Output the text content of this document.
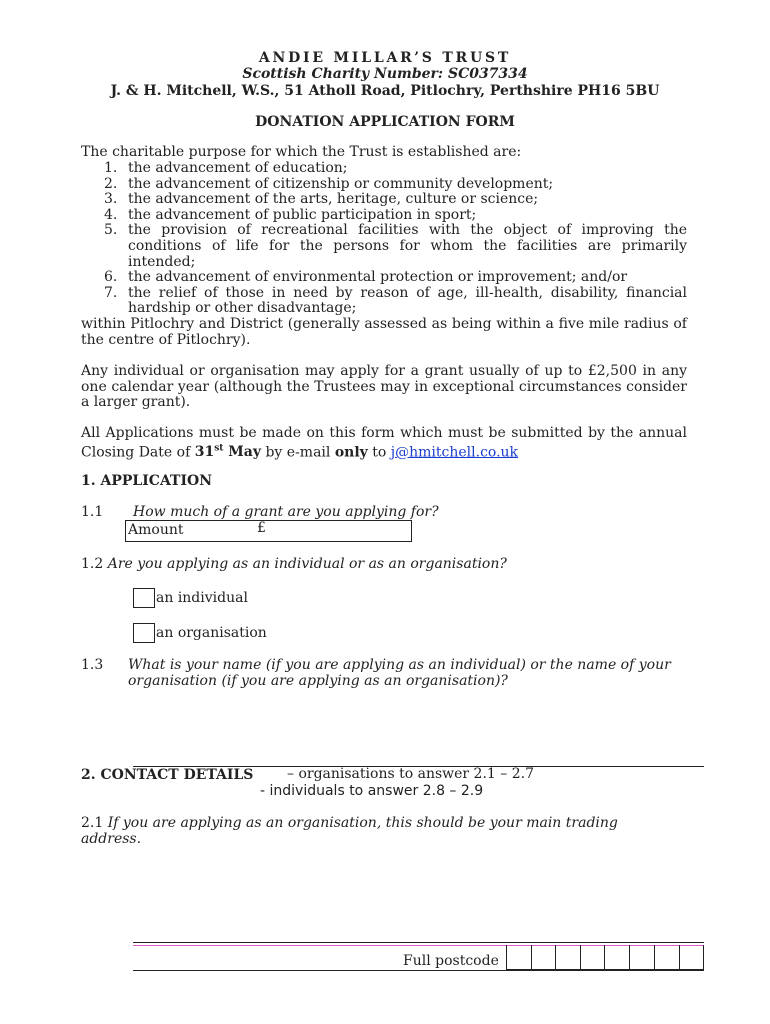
ANDIE MILLAR’S TRUST
Scottish Charity Number: SC037334
J. & H. Mitchell, W.S., 51 Atholl Road, Pitlochry, Perthshire PH16 5BU
DONATION APPLICATION FORM
The charitable purpose for which the Trust is established are:
1. the advancement of education;
2. the advancement of citizenship or community development;
3. the advancement of the arts, heritage, culture or science;
4. the advancement of public participation in sport;
5. the provision of recreational facilities with the object of improving the conditions of life for the persons for whom the facilities are primarily intended;
6. the advancement of environmental protection or improvement; and/or
7. the relief of those in need by reason of age, ill-health, disability, financial hardship or other disadvantage;
within Pitlochry and District (generally assessed as being within a five mile radius of the centre of Pitlochry).
Any individual or organisation may apply for a grant usually of up to £2,500 in any one calendar year (although the Trustees may in exceptional circumstances consider a larger grant).
All Applications must be made on this form which must be submitted by the annual Closing Date of 31st May by e-mail only to j@hmitchell.co.uk
1. APPLICATION
1.1 How much of a grant are you applying for?
Amount	£
1.2 Are you applying as an individual or as an organisation?
an individual
an organisation
1.3 What is your name (if you are applying as an individual) or the name of your organisation (if you are applying as an organisation)?
2. CONTACT DETAILS – organisations to answer 2.1 – 2.7
- individuals to answer 2.8 – 2.9
2.1 If you are applying as an organisation, this should be your main trading address.
Full postcode
